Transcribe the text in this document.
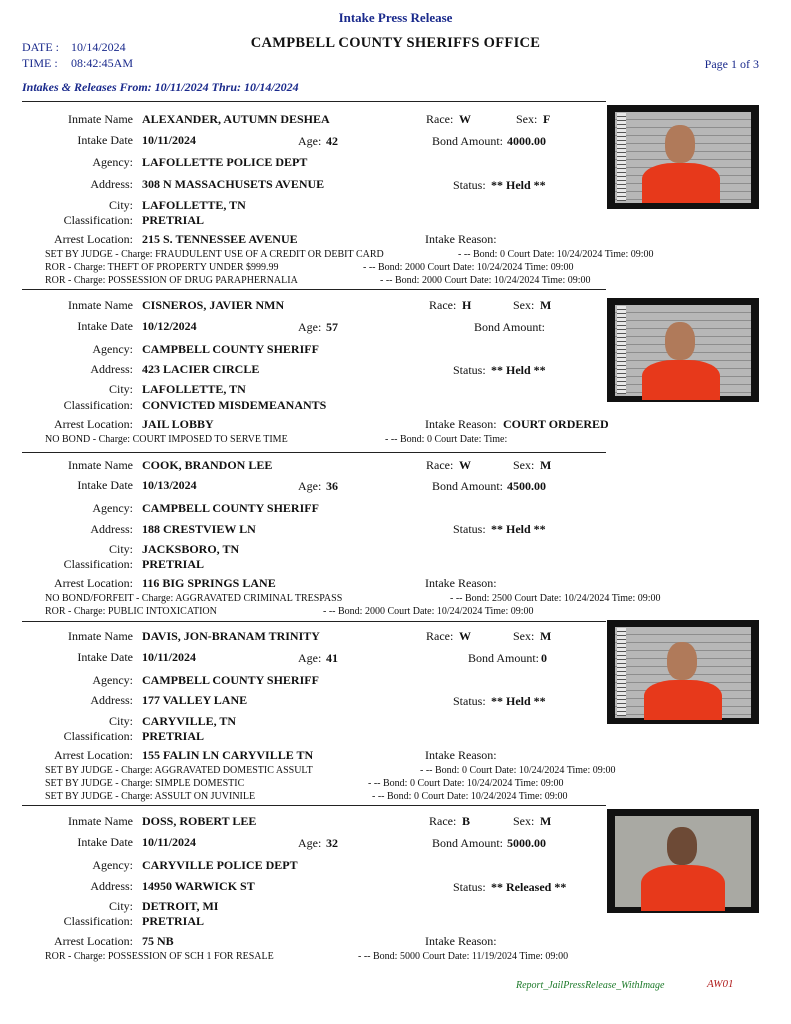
Intake Press Release
CAMPBELL COUNTY SHERIFFS OFFICE
DATE : 10/14/2024
TIME : 08:42:45AM	Page 1 of 3
Intakes & Releases From: 10/11/2024 Thru: 10/14/2024
Inmate Name ALEXANDER, AUTUMN DESHEA
Intake Date 10/11/2024	Age: 42
Agency: LAFOLLETTE POLICE DEPT
Address: 308 N MASSACHUSETS AVENUE
City: LAFOLLETTE, TN
Classification: PRETRIAL
Arrest Location: 215 S. TENNESSEE AVENUE
Race: W	Sex: F
Bond Amount: 4000.00
Status: ** Held **
Intake Reason:
SET BY JUDGE - Charge: FRAUDULENT USE OF A CREDIT OR DEBIT CARD	- -- Bond: 0 Court Date: 10/24/2024 Time: 09:00
ROR - Charge: THEFT OF PROPERTY UNDER $999.99	- -- Bond: 2000 Court Date: 10/24/2024 Time: 09:00
ROR - Charge: POSSESSION OF DRUG PARAPHERNALIA	- -- Bond: 2000 Court Date: 10/24/2024 Time: 09:00
Inmate Name CISNEROS, JAVIER NMN
Intake Date 10/12/2024	Age: 57
Agency: CAMPBELL COUNTY SHERIFF
Address: 423 LACIER CIRCLE
City: LAFOLLETTE, TN
Classification: CONVICTED MISDEMEANANTS
Arrest Location: JAIL LOBBY
Race: H	Sex: M
Bond Amount:
Status: ** Held **
Intake Reason: COURT ORDERED
NO BOND - Charge: COURT IMPOSED TO SERVE TIME	- -- Bond: 0 Court Date: Time:
Inmate Name COOK, BRANDON LEE
Intake Date 10/13/2024	Age: 36
Agency: CAMPBELL COUNTY SHERIFF
Address: 188 CRESTVIEW LN
City: JACKSBORO, TN
Classification: PRETRIAL
Arrest Location: 116 BIG SPRINGS LANE
Race: W	Sex: M
Bond Amount: 4500.00
Status: ** Held **
Intake Reason:
NO BOND/FORFEIT - Charge: AGGRAVATED CRIMINAL TRESPASS	- -- Bond: 2500 Court Date: 10/24/2024 Time: 09:00
ROR - Charge: PUBLIC INTOXICATION	- -- Bond: 2000 Court Date: 10/24/2024 Time: 09:00
Inmate Name DAVIS, JON-BRANAM TRINITY
Intake Date 10/11/2024	Age: 41
Agency: CAMPBELL COUNTY SHERIFF
Address: 177 VALLEY LANE
City: CARYVILLE, TN
Classification: PRETRIAL
Arrest Location: 155 FALIN LN CARYVILLE TN
Race: W	Sex: M
Bond Amount: 0
Status: ** Held **
Intake Reason:
SET BY JUDGE - Charge: AGGRAVATED DOMESTIC ASSULT	- -- Bond: 0 Court Date: 10/24/2024 Time: 09:00
SET BY JUDGE - Charge: SIMPLE DOMESTIC	- -- Bond: 0 Court Date: 10/24/2024 Time: 09:00
SET BY JUDGE - Charge: ASSULT ON JUVINILE	- -- Bond: 0 Court Date: 10/24/2024 Time: 09:00
Inmate Name DOSS, ROBERT LEE
Intake Date 10/11/2024	Age: 32
Agency: CARYVILLE POLICE DEPT
Address: 14950 WARWICK ST
City: DETROIT, MI
Classification: PRETRIAL
Arrest Location: 75 NB
Race: B	Sex: M
Bond Amount: 5000.00
Status: ** Released **
Intake Reason:
ROR - Charge: POSSESSION OF SCH 1 FOR RESALE	- -- Bond: 5000 Court Date: 11/19/2024 Time: 09:00
Report_JailPressRelease_WithImage	AW01
